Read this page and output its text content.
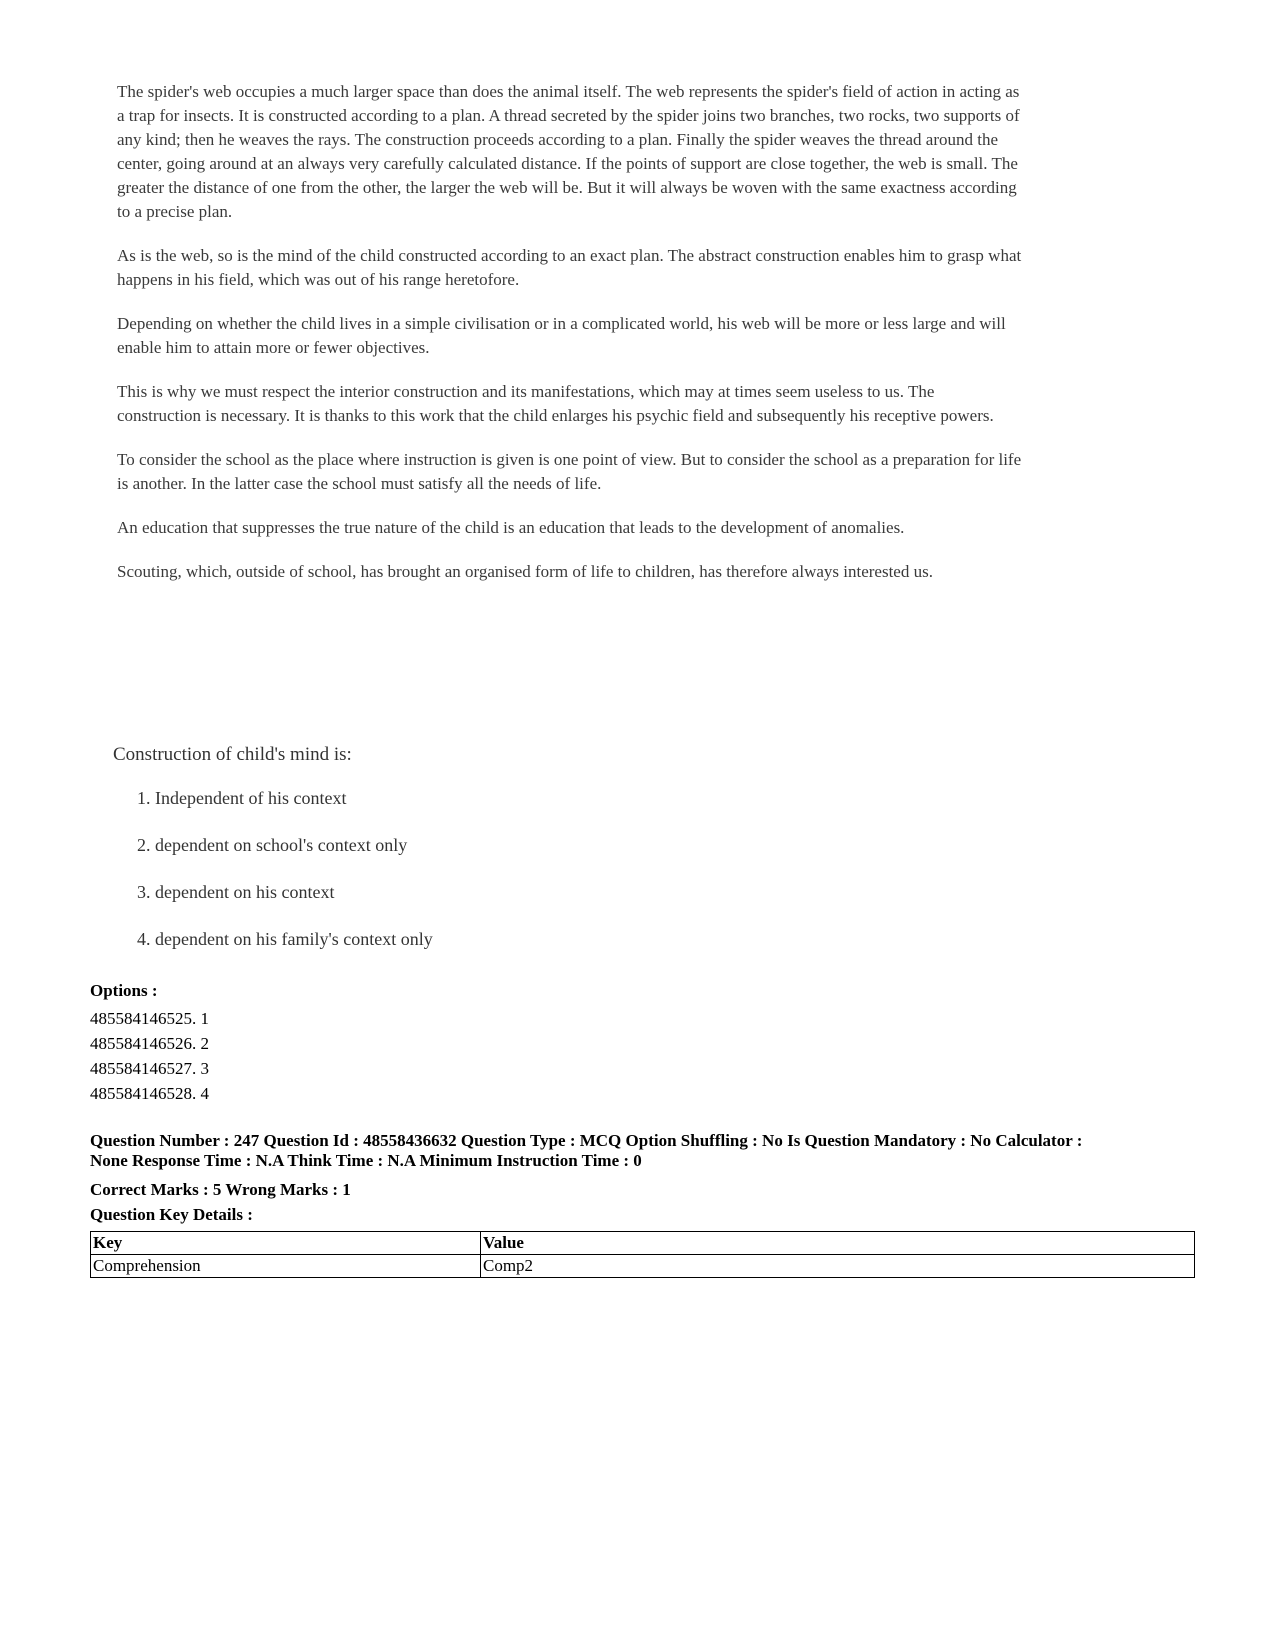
The spider's web occupies a much larger space than does the animal itself. The web represents the spider's field of action in acting as a trap for insects. It is constructed according to a plan. A thread secreted by the spider joins two branches, two rocks, two supports of any kind; then he weaves the rays. The construction proceeds according to a plan. Finally the spider weaves the thread around the center, going around at an always very carefully calculated distance. If the points of support are close together, the web is small. The greater the distance of one from the other, the larger the web will be. But it will always be woven with the same exactness according to a precise plan.

As is the web, so is the mind of the child constructed according to an exact plan. The abstract construction enables him to grasp what happens in his field, which was out of his range heretofore.

Depending on whether the child lives in a simple civilisation or in a complicated world, his web will be more or less large and will enable him to attain more or fewer objectives.

This is why we must respect the interior construction and its manifestations, which may at times seem useless to us. The construction is necessary. It is thanks to this work that the child enlarges his psychic field and subsequently his receptive powers.

To consider the school as the place where instruction is given is one point of view. But to consider the school as a preparation for life is another. In the latter case the school must satisfy all the needs of life.

An education that suppresses the true nature of the child is an education that leads to the development of anomalies.

Scouting, which, outside of school, has brought an organised form of life to children, has therefore always interested us.

Construction of child's mind is:
1. Independent of his context
2. dependent on school's context only
3. dependent on his context
4. dependent on his family's context only
Options :
485584146525. 1
485584146526. 2
485584146527. 3
485584146528. 4
Question Number : 247 Question Id : 48558436632 Question Type : MCQ Option Shuffling : No Is Question Mandatory : No Calculator :
None Response Time : N.A Think Time : N.A Minimum Instruction Time : 0
Correct Marks : 5 Wrong Marks : 1
Question Key Details :
Key	Value
Comprehension	Comp2
